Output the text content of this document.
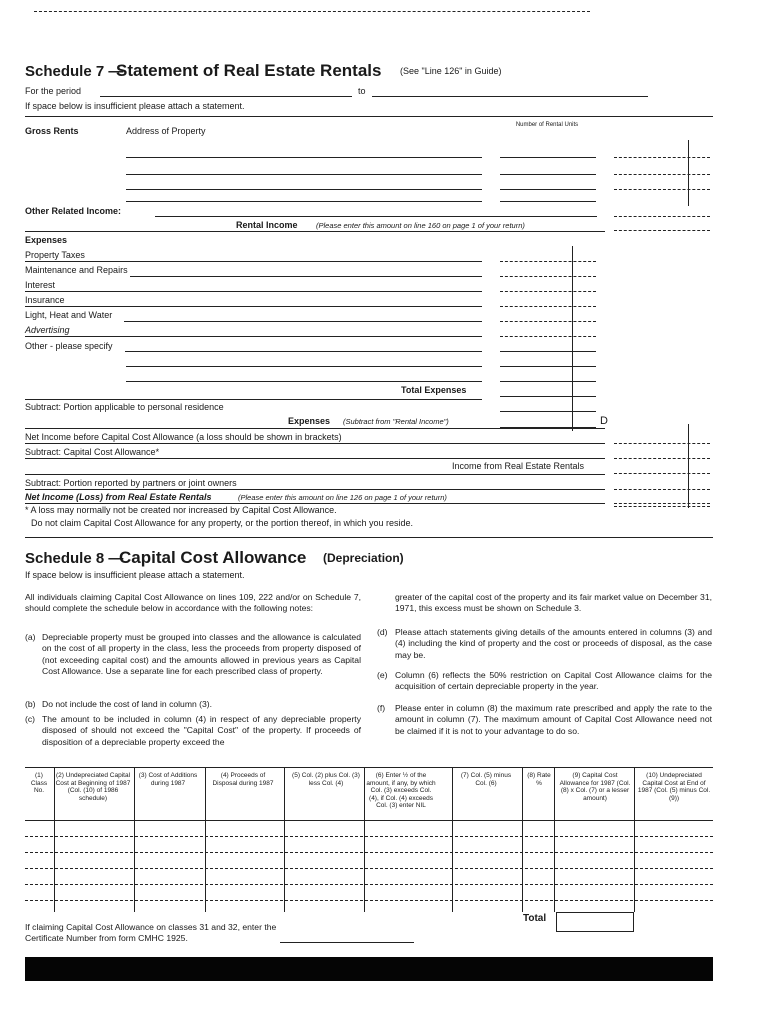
Schedule 7 —
Statement of Real Estate Rentals (See "Line 126" in Guide)
For the period	to
If space below is insufficient please attach a statement.
Gross Rents	Address of Property
Number of Rental Units
Other Related Income:
Rental Income (Please enter this amount on line 160 on page 1 of your return)
Expenses
Property Taxes
Maintenance and Repairs
Interest
Insurance
Light, Heat and Water
Advertising
Other - please specify
Total Expenses
Subtract: Portion applicable to personal residence
Expenses (Subtract from "Rental Income")	D
Net Income before Capital Cost Allowance (a loss should be shown in brackets)
Subtract: Capital Cost Allowance*
Income from Real Estate Rentals
Subtract: Portion reported by partners or joint owners
Net Income (Loss) from Real Estate Rentals	(Please enter this amount on line 126 on page 1 of your return)
* A loss may normally not be created nor increased by Capital Cost Allowance.
Do not claim Capital Cost Allowance for any property, or the portion thereof, in which you reside.
Schedule 8 —
Capital Cost Allowance (Depreciation)
If space below is insufficient please attach a statement.
All individuals claiming Capital Cost Allowance on lines 109, 222 and/or on Schedule 7, should complete the schedule below in accordance with the following notes:
(a) Depreciable property must be grouped into classes and the allowance is calculated on the cost of all property in the class, less the proceeds from property disposed of (not exceeding capital cost) and the amounts allowed in previous years as Capital Cost Allowance. Use a separate line for each prescribed class of property.
(b) Do not include the cost of land in column (3).
(c) The amount to be included in column (4) in respect of any depreciable property disposed of should not exceed the "Capital Cost" of the property. If proceeds of disposition of a depreciable property exceed the
greater of the capital cost of the property and its fair market value on December 31, 1971, this excess must be shown on Schedule 3.
(d) Please attach statements giving details of the amounts entered in columns (3) and (4) including the kind of property and the cost or proceeds of disposal, as the case may be.
(e) Column (6) reflects the 50% restriction on Capital Cost Allowance claims for the acquisition of certain depreciable property in the year.
(f) Please enter in column (8) the maximum rate prescribed and apply the rate to the amount in column (7). The maximum amount of Capital Cost Allowance need not be claimed if it is not to your advantage to do so.
(1) Class No.
(2) Undepreciated Capital Cost at Beginning of 1987 (Col. (10) of 1986 schedule)
(3) Cost of Additions during 1987
(4) Proceeds of Disposal during 1987
(5) Col. (2) plus Col. (3) less Col. (4)
(6) Enter ½ of the amount, if any, by which Col. (3) exceeds Col. (4), if Col. (4) exceeds Col. (3) enter NIL
(7) Col. (5) minus Col. (6)
(8) Rate %
(9) Capital Cost Allowance for 1987 (Col. (8) x Col. (7) or a lesser amount)
(10) Undepreciated Capital Cost at End of 1987 (Col. (5) minus Col. (9))
Total
If claiming Capital Cost Allowance on classes 31 and 32, enter the Certificate Number from form CMHC 1925.
